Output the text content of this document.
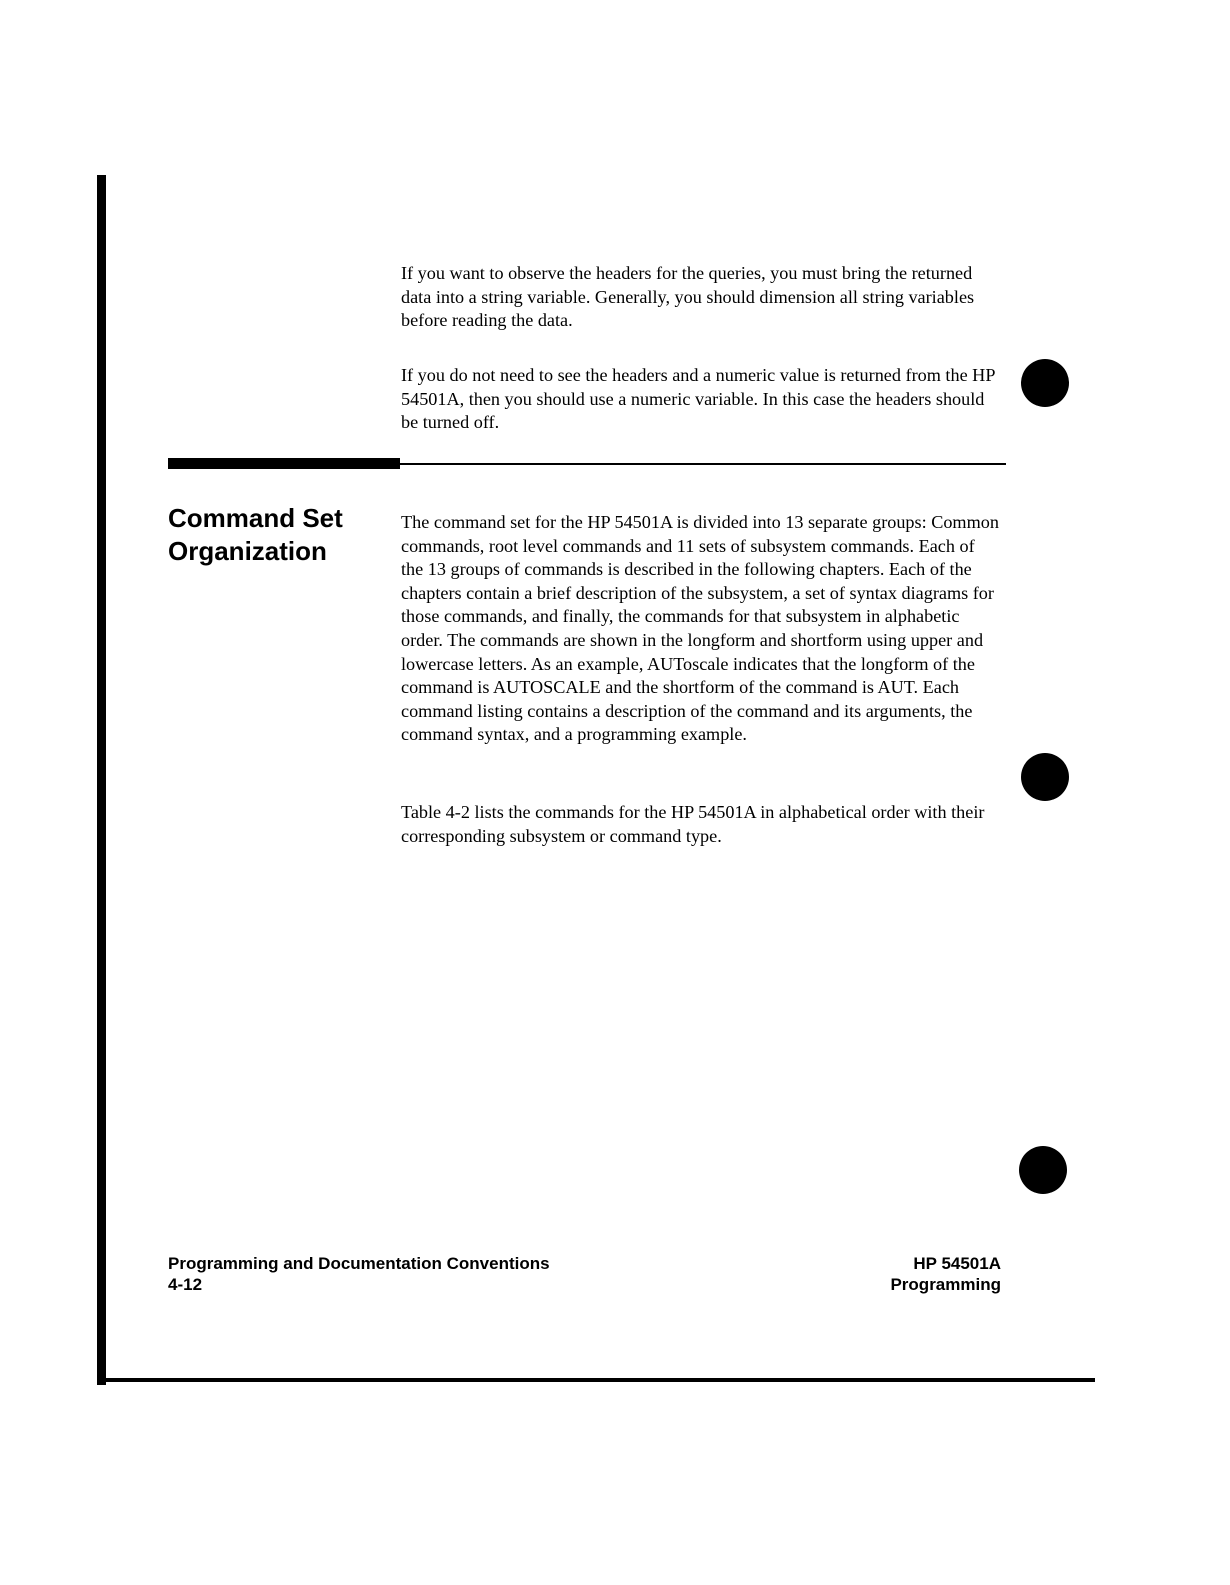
If you want to observe the headers for the queries, you must bring the returned data into a string variable. Generally, you should dimension all string variables before reading the data.

If you do not need to see the headers and a numeric value is returned from the HP 54501A, then you should use a numeric variable. In this case the headers should be turned off.

Command Set Organization

The command set for the HP 54501A is divided into 13 separate groups: Common commands, root level commands and 11 sets of subsystem commands. Each of the 13 groups of commands is described in the following chapters. Each of the chapters contain a brief description of the subsystem, a set of syntax diagrams for those commands, and finally, the commands for that subsystem in alphabetic order. The commands are shown in the longform and shortform using upper and lowercase letters. As an example, AUToscale indicates that the longform of the command is AUTOSCALE and the shortform of the command is AUT. Each command listing contains a description of the command and its arguments, the command syntax, and a programming example.

Table 4-2 lists the commands for the HP 54501A in alphabetical order with their corresponding subsystem or command type.

Programming and Documentation Conventions
4-12
HP 54501A
Programming
